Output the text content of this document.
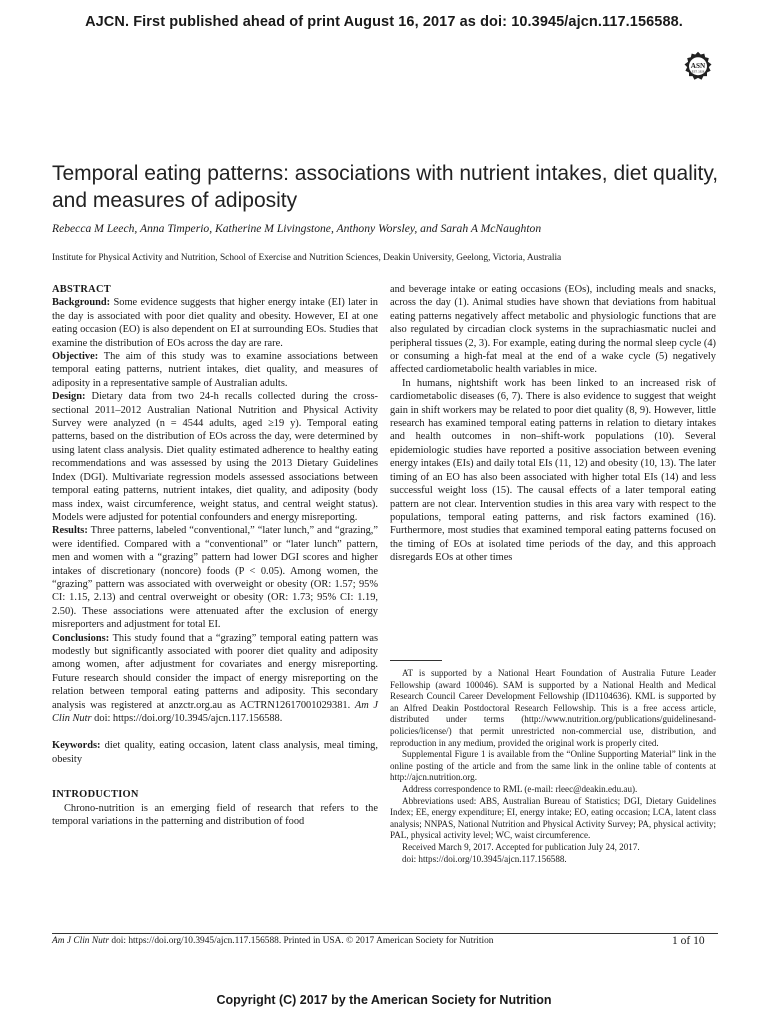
AJCN. First published ahead of print August 16, 2017 as doi: 10.3945/ajcn.117.156588.
ASN
EST. 1928
Temporal eating patterns: associations with nutrient intakes, diet quality, and measures of adiposity
Rebecca M Leech, Anna Timperio, Katherine M Livingstone, Anthony Worsley, and Sarah A McNaughton
Institute for Physical Activity and Nutrition, School of Exercise and Nutrition Sciences, Deakin University, Geelong, Victoria, Australia

ABSTRACT

Background: Some evidence suggests that higher energy intake (EI) later in the day is associated with poor diet quality and obesity. However, EI at one eating occasion (EO) is also dependent on EI at surrounding EOs. Studies that examine the distribution of EOs across the day are rare.

Objective: The aim of this study was to examine associations between temporal eating patterns, nutrient intakes, diet quality, and measures of adiposity in a representative sample of Australian adults.

Design: Dietary data from two 24-h recalls collected during the cross-sectional 2011–2012 Australian National Nutrition and Physical Activity Survey were analyzed (n = 4544 adults, aged ≥19 y). Temporal eating patterns, based on the distribution of EOs across the day, were determined by using latent class analysis. Diet quality estimated adherence to healthy eating recommendations and was assessed by using the 2013 Dietary Guidelines Index (DGI). Multivariate regression models assessed associations between temporal eating patterns, nutrient intakes, diet quality, and adiposity (body mass index, waist circumference, weight status, and central weight status). Models were adjusted for potential confounders and energy misreporting.

Results: Three patterns, labeled “conventional,” “later lunch,” and “grazing,” were identified. Compared with a “conventional” or “later lunch” pattern, men and women with a “grazing” pattern had lower DGI scores and higher intakes of discretionary (noncore) foods (P < 0.05). Among women, the “grazing” pattern was associated with overweight or obesity (OR: 1.57; 95% CI: 1.15, 2.13) and central overweight or obesity (OR: 1.73; 95% CI: 1.19, 2.50). These associations were attenuated after the exclusion of energy misreporters and adjustment for total EI.

Conclusions: This study found that a “grazing” temporal eating pattern was modestly but significantly associated with poorer diet quality and adiposity among women, after adjustment for covariates and energy misreporting. Future research should consider the impact of energy misreporting on the relation between temporal eating patterns and adiposity. This secondary analysis was registered at anzctr.org.au as ACTRN12617001029381. Am J Clin Nutr doi: https://doi.org/10.3945/ajcn.117.156588.

Keywords: diet quality, eating occasion, latent class analysis, meal timing, obesity

INTRODUCTION

Chrono-nutrition is an emerging field of research that refers to the temporal variations in the patterning and distribution of food

and beverage intake or eating occasions (EOs), including meals and snacks, across the day (1). Animal studies have shown that deviations from habitual eating patterns negatively affect metabolic and physiologic functions that are also regulated by circadian clock systems in the suprachiasmatic nuclei and peripheral tissues (2, 3). For example, eating during the normal sleep cycle (4) or consuming a high-fat meal at the end of a wake cycle (5) negatively affected cardiometabolic health variables in mice.

In humans, nightshift work has been linked to an increased risk of cardiometabolic diseases (6, 7). There is also evidence to suggest that weight gain in shift workers may be related to poor diet quality (8, 9). However, little research has examined temporal eating patterns in relation to dietary intakes and health outcomes in non–shift-work populations (10). Several epidemiologic studies have reported a positive association between evening energy intakes (EIs) and daily total EIs (11, 12) and obesity (10, 13). The later timing of an EO has also been associated with higher total EIs (14) and less successful weight loss (15). The causal effects of a later temporal eating pattern are not clear. Intervention studies in this area vary with respect to the populations, temporal eating patterns, and risk factors examined (16). Furthermore, most studies that examined temporal eating patterns focused on the timing of EOs at isolated time periods of the day, and this approach disregards EOs at other times

AT is supported by a National Heart Foundation of Australia Future Leader Fellowship (award 100046). SAM is supported by a National Health and Medical Research Council Career Development Fellowship (ID1104636). KML is supported by an Alfred Deakin Postdoctoral Research Fellowship. This is a free access article, distributed under terms (http://www.nutrition.org/publications/guidelinesand-policies/license/) that permit unrestricted non-commercial use, distribution, and reproduction in any medium, provided the original work is properly cited.

Supplemental Figure 1 is available from the “Online Supporting Material” link in the online posting of the article and from the same link in the online table of contents at http://ajcn.nutrition.org.

Address correspondence to RML (e-mail: rleec@deakin.edu.au).

Abbreviations used: ABS, Australian Bureau of Statistics; DGI, Dietary Guidelines Index; EE, energy expenditure; EI, energy intake; EO, eating occasion; LCA, latent class analysis; NNPAS, National Nutrition and Physical Activity Survey; PA, physical activity; PAL, physical activity level; WC, waist circumference.

Received March 9, 2017. Accepted for publication July 24, 2017.

doi: https://doi.org/10.3945/ajcn.117.156588.

Am J Clin Nutr doi: https://doi.org/10.3945/ajcn.117.156588. Printed in USA. © 2017 American Society for Nutrition	1 of 10
Copyright (C) 2017 by the American Society for Nutrition
